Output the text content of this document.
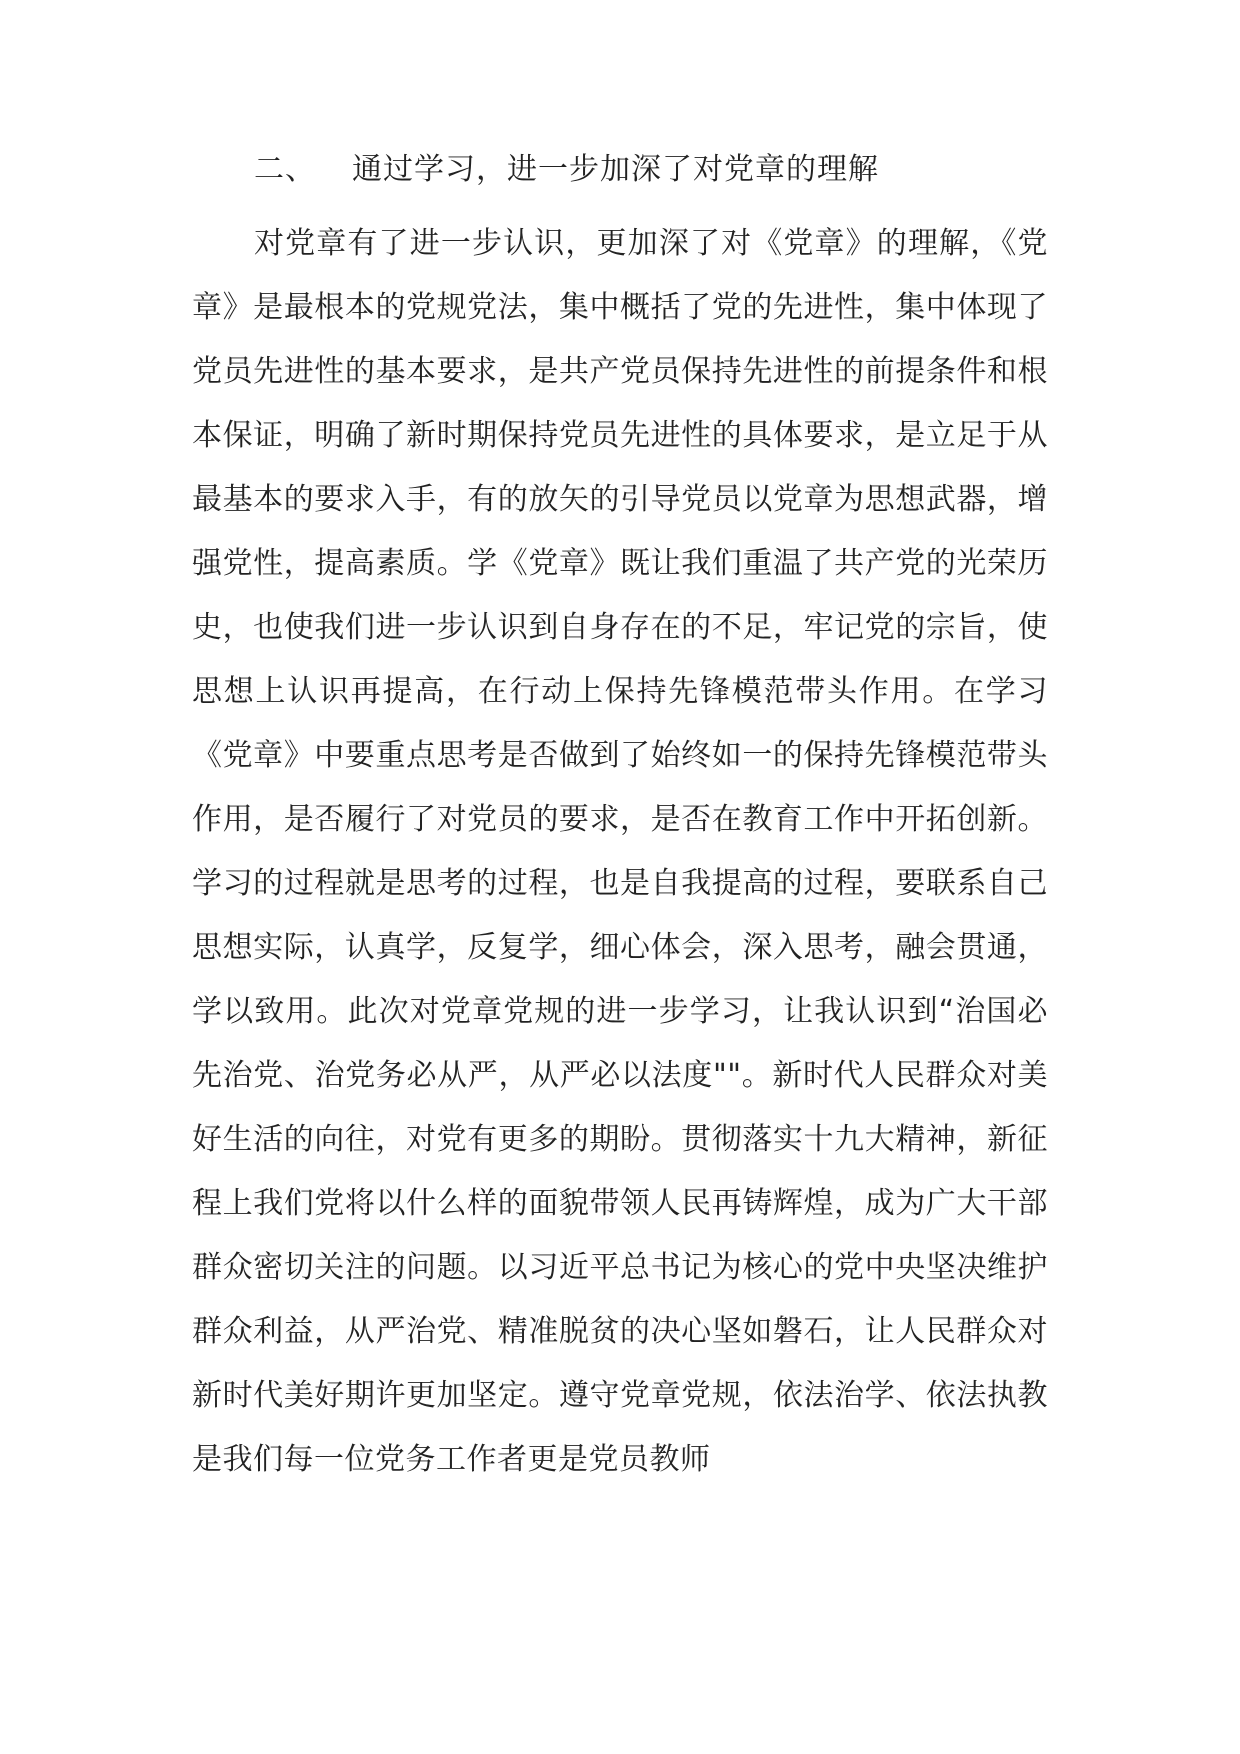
二、 通过学习，进一步加深了对党章的理解

对党章有了进一步认识，更加深了对《党章》的理解，《党章》是最根本的党规党法，集中概括了党的先进性，集中体现了党员先进性的基本要求，是共产党员保持先进性的前提条件和根本保证，明确了新时期保持党员先进性的具体要求，是立足于从最基本的要求入手，有的放矢的引导党员以党章为思想武器，增强党性，提高素质。学《党章》既让我们重温了共产党的光荣历史，也使我们进一步认识到自身存在的不足，牢记党的宗旨，使思想上认识再提高，在行动上保持先锋模范带头作用。在学习《党章》中要重点思考是否做到了始终如一的保持先锋模范带头作用，是否履行了对党员的要求，是否在教育工作中开拓创新。学习的过程就是思考的过程，也是自我提高的过程，要联系自己思想实际，认真学，反复学，细心体会，深入思考，融会贯通，学以致用。此次对党章党规的进一步学习，让我认识到“治国必先治党、治党务必从严，从严必以法度""。新时代人民群众对美好生活的向往，对党有更多的期盼。贯彻落实十九大精神，新征程上我们党将以什么样的面貌带领人民再铸辉煌，成为广大干部群众密切关注的问题。以习近平总书记为核心的党中央坚决维护群众利益，从严治党、精准脱贫的决心坚如磐石，让人民群众对新时代美好期许更加坚定。遵守党章党规，依法治学、依法执教是我们每一位党务工作者更是党员教师
